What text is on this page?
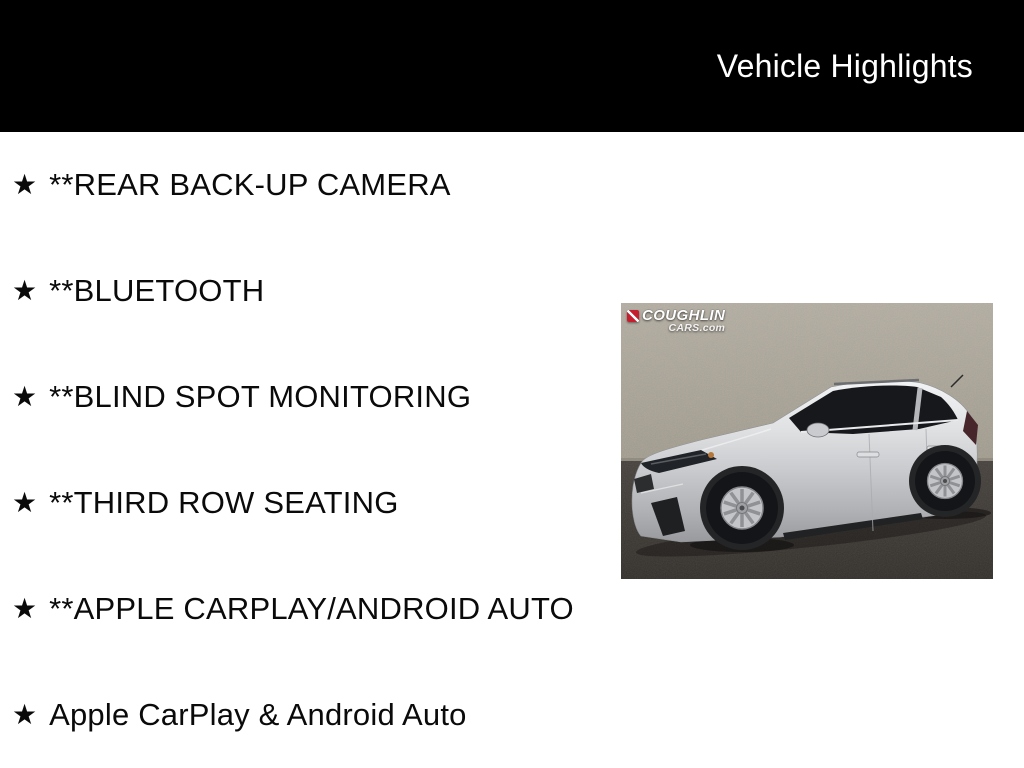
Vehicle Highlights
★ **REAR BACK-UP CAMERA
★ **BLUETOOTH
★ **BLIND SPOT MONITORING
★ **THIRD ROW SEATING
★ **APPLE CARPLAY/ANDROID AUTO
★ Apple CarPlay & Android Auto
COUGHLIN
CARS.com
